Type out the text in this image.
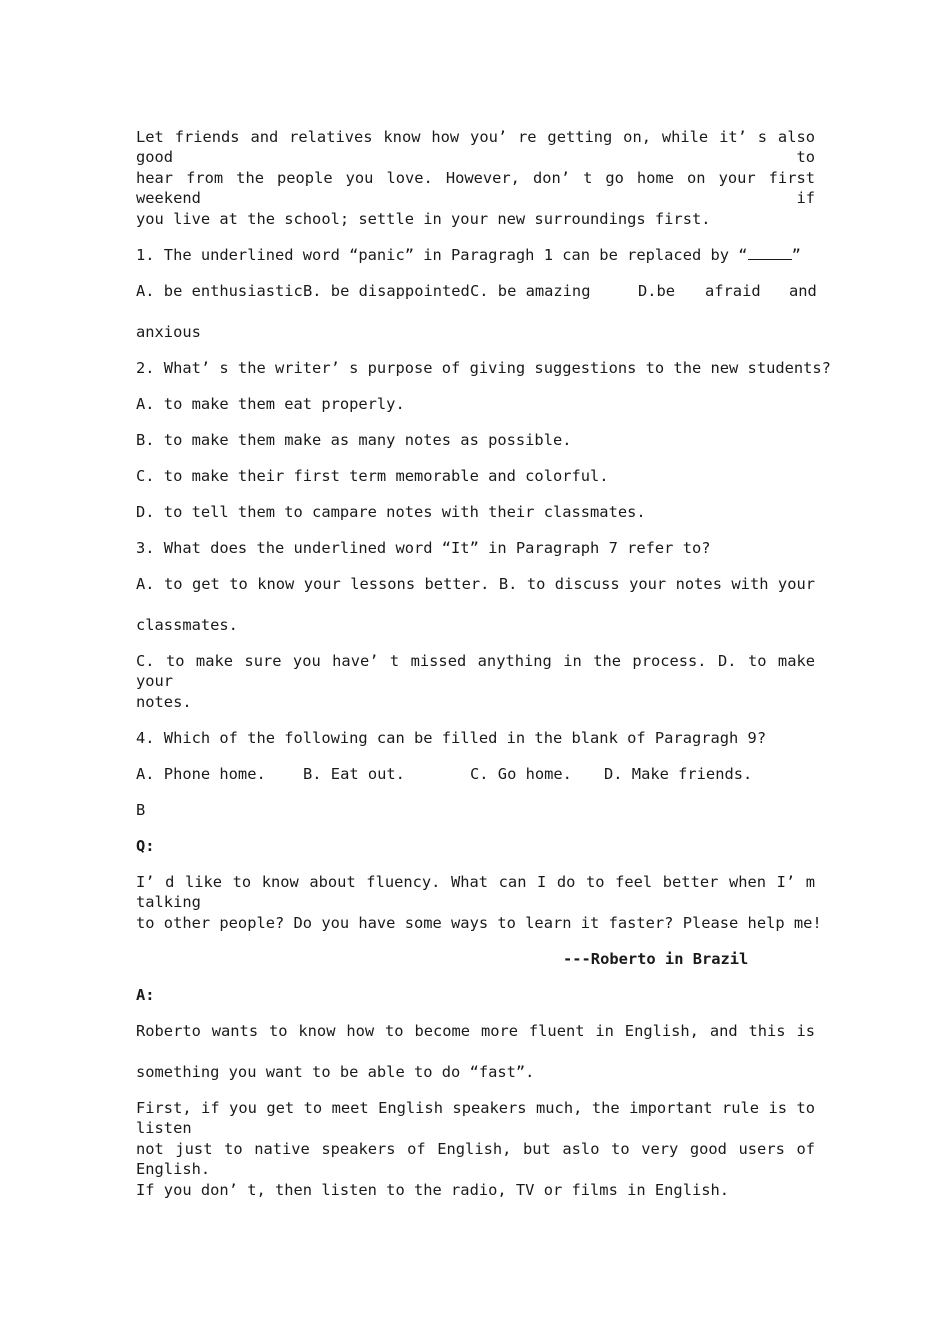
Let friends and relatives know how you’ re getting on, while it’ s also good to
hear from the people you love. However, don’ t go home on your first weekend if
you live at the school; settle in your new surroundings first.
1. The underlined word “panic” in Paragragh 1 can be replaced by “	”
A. be enthusiastic B. be disappointed C. be amazing	D.be afraid and
anxious
2. What’ s the writer’ s purpose of giving suggestions to the new students?
A. to make them eat properly.
B. to make them make as many notes as possible.
C. to make their first term memorable and colorful.
D. to tell them to campare notes with their classmates.
3. What does the underlined word “It” in Paragraph 7 refer to?
A. to get to know your lessons better. B. to discuss your notes with your
classmates.
C. to make sure you have’ t missed anything in the process. D. to make your
notes.
4. Which of the following can be filled in the blank of Paragragh 9?
A. Phone home. B. Eat out.	C. Go home. D. Make friends.
B
Q:
I’ d like to know about fluency. What can I do to feel better when I’ m talking
to other people? Do you have some ways to learn it faster? Please help me!
---Roberto in Brazil
A:
Roberto wants to know how to become more fluent in English, and this is
something you want to be able to do “fast”.
First, if you get to meet English speakers much, the important rule is to listen
not just to native speakers of English, but aslo to very good users of English.
If you don’ t, then listen to the radio, TV or films in English.
